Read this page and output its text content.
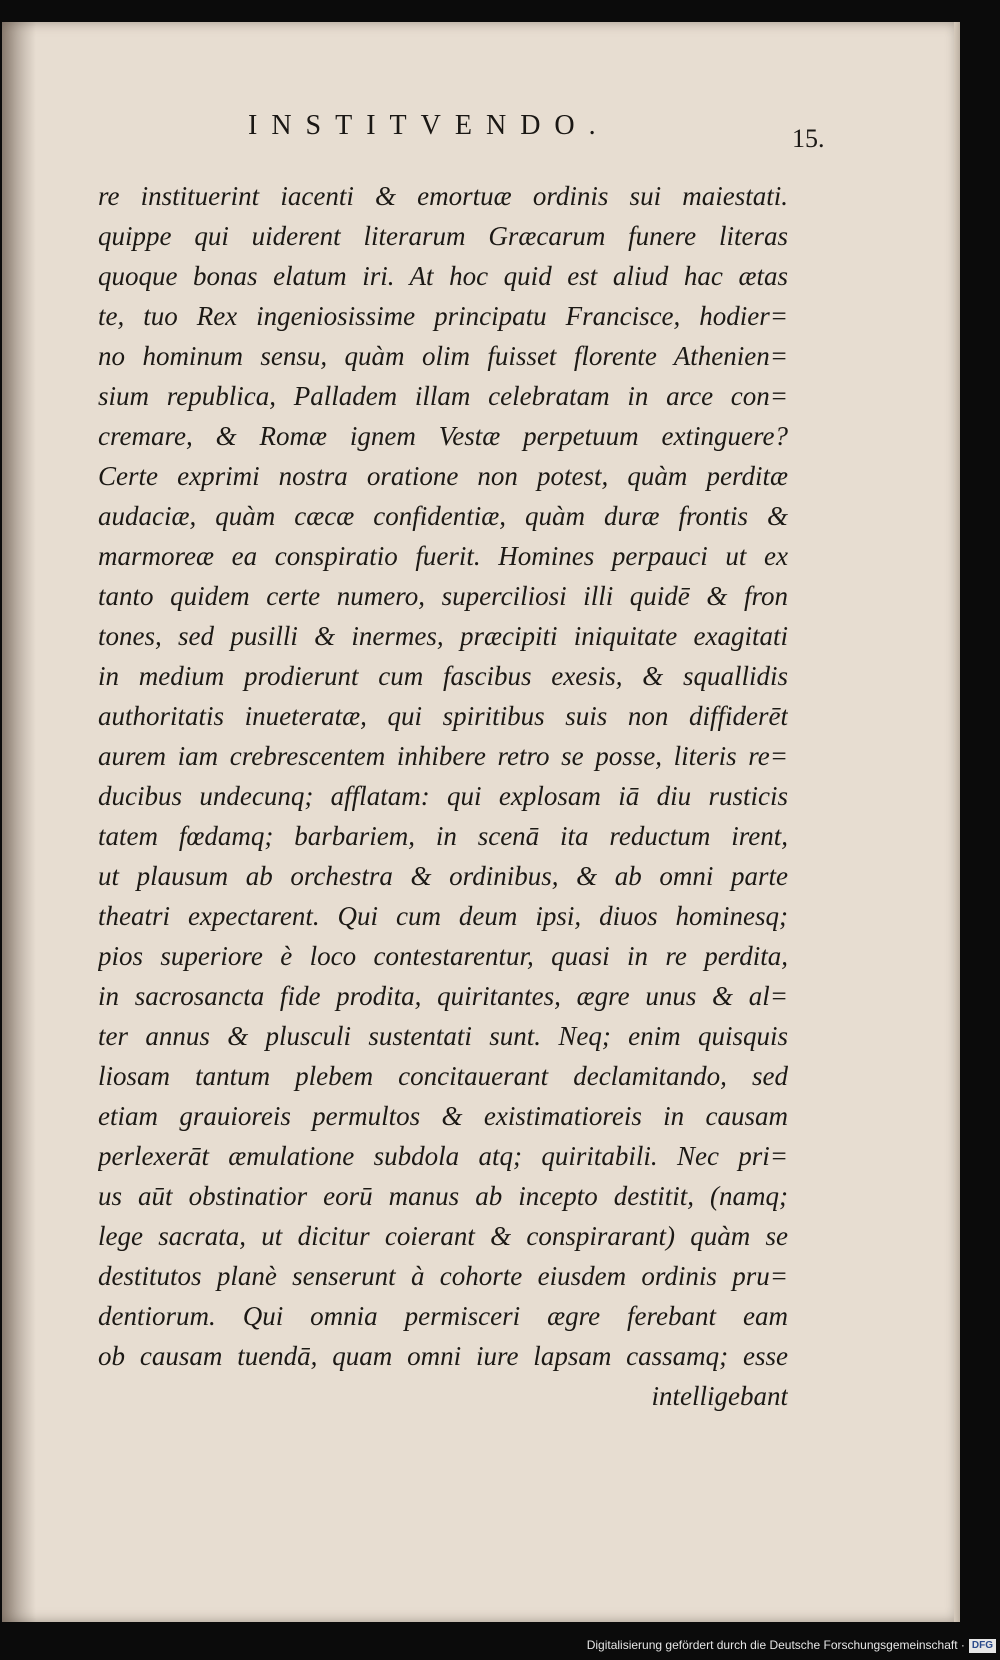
INSTITVENDO.	15.
re instituerint iacenti & emortuæ ordinis sui maiestati.
quippe qui uiderent literarum Græcarum funere literas
quoque bonas elatum iri. At hoc quid est aliud hac ætas
te, tuo Rex ingeniosissime principatu Francisce, hodier=
no hominum sensu, quàm olim fuisset florente Athenien=
sium republica, Palladem illam celebratam in arce con=
cremare, & Romæ ignem Vestæ perpetuum extinguere?
Certe exprimi nostra oratione non potest, quàm perditæ
audaciæ, quàm cæcæ confidentiæ, quàm duræ frontis &
marmoreæ ea conspiratio fuerit. Homines perpauci ut ex
tanto quidem certe numero, superciliosi illi quidē & fron
tones, sed pusilli & inermes, præcipiti iniquitate exagitati
in medium prodierunt cum fascibus exesis, & squallidis
authoritatis inueteratæ, qui spiritibus suis non diffiderēt
aurem iam crebrescentem inhibere retro se posse, literis re=
ducibus undecunq; afflatam: qui explosam iā diu rusticis
tatem fœdamq; barbariem, in scenā ita reductum irent,
ut plausum ab orchestra & ordinibus, & ab omni parte
theatri expectarent. Qui cum deum ipsi, diuos hominesq;
pios superiore è loco contestarentur, quasi in re perdita,
in sacrosancta fide prodita, quiritantes, ægre unus & al=
ter annus & plusculi sustentati sunt. Neq; enim quisquis
liosam tantum plebem concitauerant declamitando, sed
etiam grauioreis permultos & existimatioreis in causam
perlexerāt æmulatione subdola atq; quiritabili. Nec pri=
us aūt obstinatior eorū manus ab incepto destitit, (namq;
lege sacrata, ut dicitur coierant & conspirarant) quàm se
destitutos planè senserunt à cohorte eiusdem ordinis pru=
dentiorum. Qui omnia permisceri ægre ferebant eam
ob causam tuendā, quam omni iure lapsam cassamq; esse
intelligebant
Digitalisierung gefördert durch die Deutsche Forschungsgemeinschaft · DFG
